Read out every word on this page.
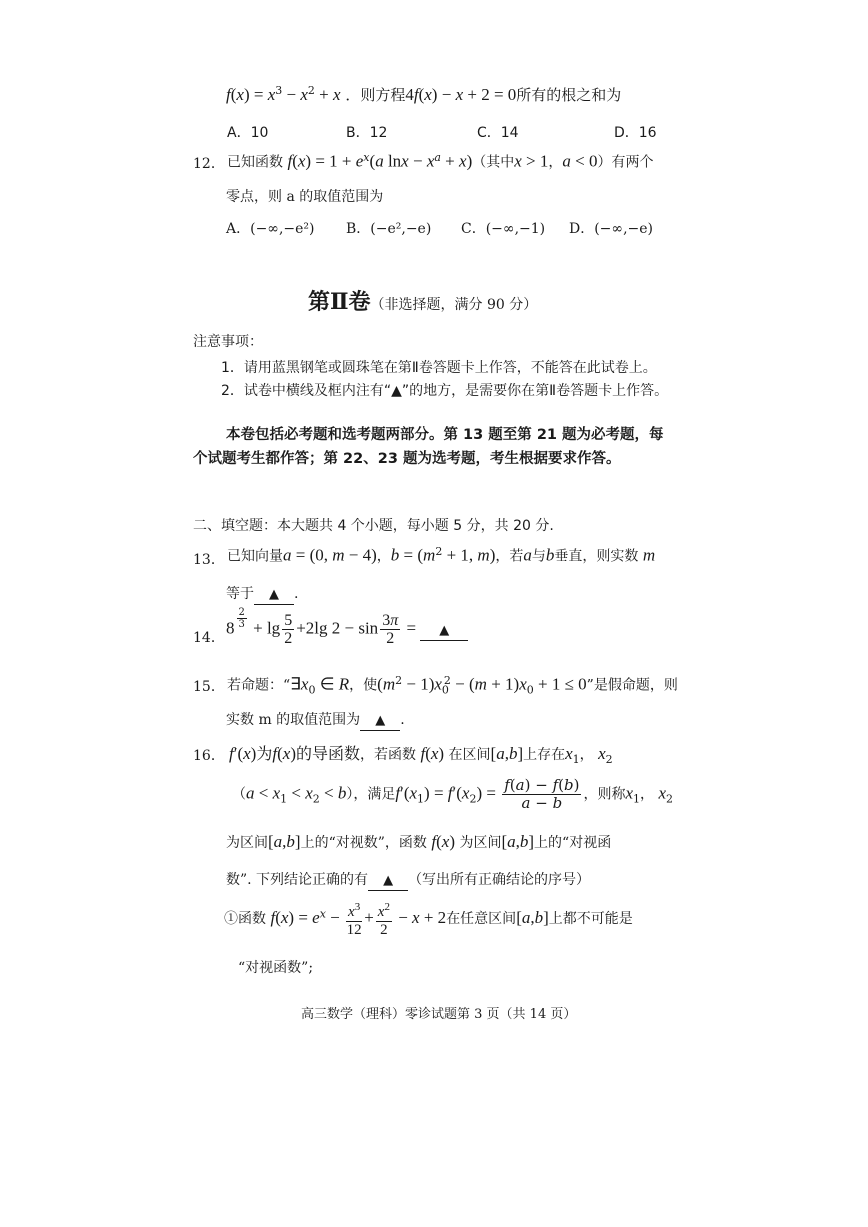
$f(x) = x^3 - x^2 + x$ ．则方程4f(x) − x + 2 = 0所有的根之和为
A．10	B．12	C．14	D．16
12． 已知函数 $f(x) = 1 + e^x(a$ $\ln x - x^a + x$)（其中x > 1，a < 0）有两个
零点，则 a 的取值范围为
A．(−∞,−e²) B．(−e²,−e) C．(−∞,−1) D．(−∞,−e)
第Ⅱ卷（非选择题，满分 90 分）
注意事项：
1．请用蓝黑钢笔或圆珠笔在第Ⅱ卷答题卡上作答，不能答在此试卷上。
2．试卷中横线及框内注有“▲”的地方，是需要你在第Ⅱ卷答题卡上作答。
本卷包括必考题和选考题两部分。第 13 题至第 21 题为必考题，每
个试题考生都作答；第 22、23 题为选考题，考生根据要求作答。
二、填空题：本大题共 4 个小题，每小题 5 分，共 20 分.
13． 已知向量a = (0, m − 4)，$b = (m^2 + 1$, m)，若a与b垂直，则实数 m
等于 ▲ .
14．
8 $^{\frac{2}{3}} + \lg \frac{5}{2} +2\lg$ $2 - \sin \frac{3\pi}{2}$ = ▲
15． 若命题：“$\exists x_0$ ∈ R，使$(m^2 - 1)x_0^2 - (m + 1)x_0 + 1 \le 0$”是假命题，则
实数 m 的取值范围为 ▲ .
16． f′(x)为f(x)的导函数，若函数 f(x) 在区间[a,b]上存在$x_1$， $x_2$
$(a < x_1 < x_2 < b)$，满足$f'(x_1) = f'(x_2) = \frac{f(a) - f(b)}{a - b}$ ，则称$x_1$， $x_2$
为区间[a,b]上的“对视数”，函数 f(x) 为区间[a,b]上的“对视函
数”. 下列结论正确的有 ▲ （写出所有正确结论的序号）
①函数 $f(x) = e^x - \frac{x^3}{12} + \frac{x^2}{2} - x + 2$在任意区间[a,b]上都不可能是
“对视函数”;
高三数学（理科）零诊试题第 3 页（共 14 页）
